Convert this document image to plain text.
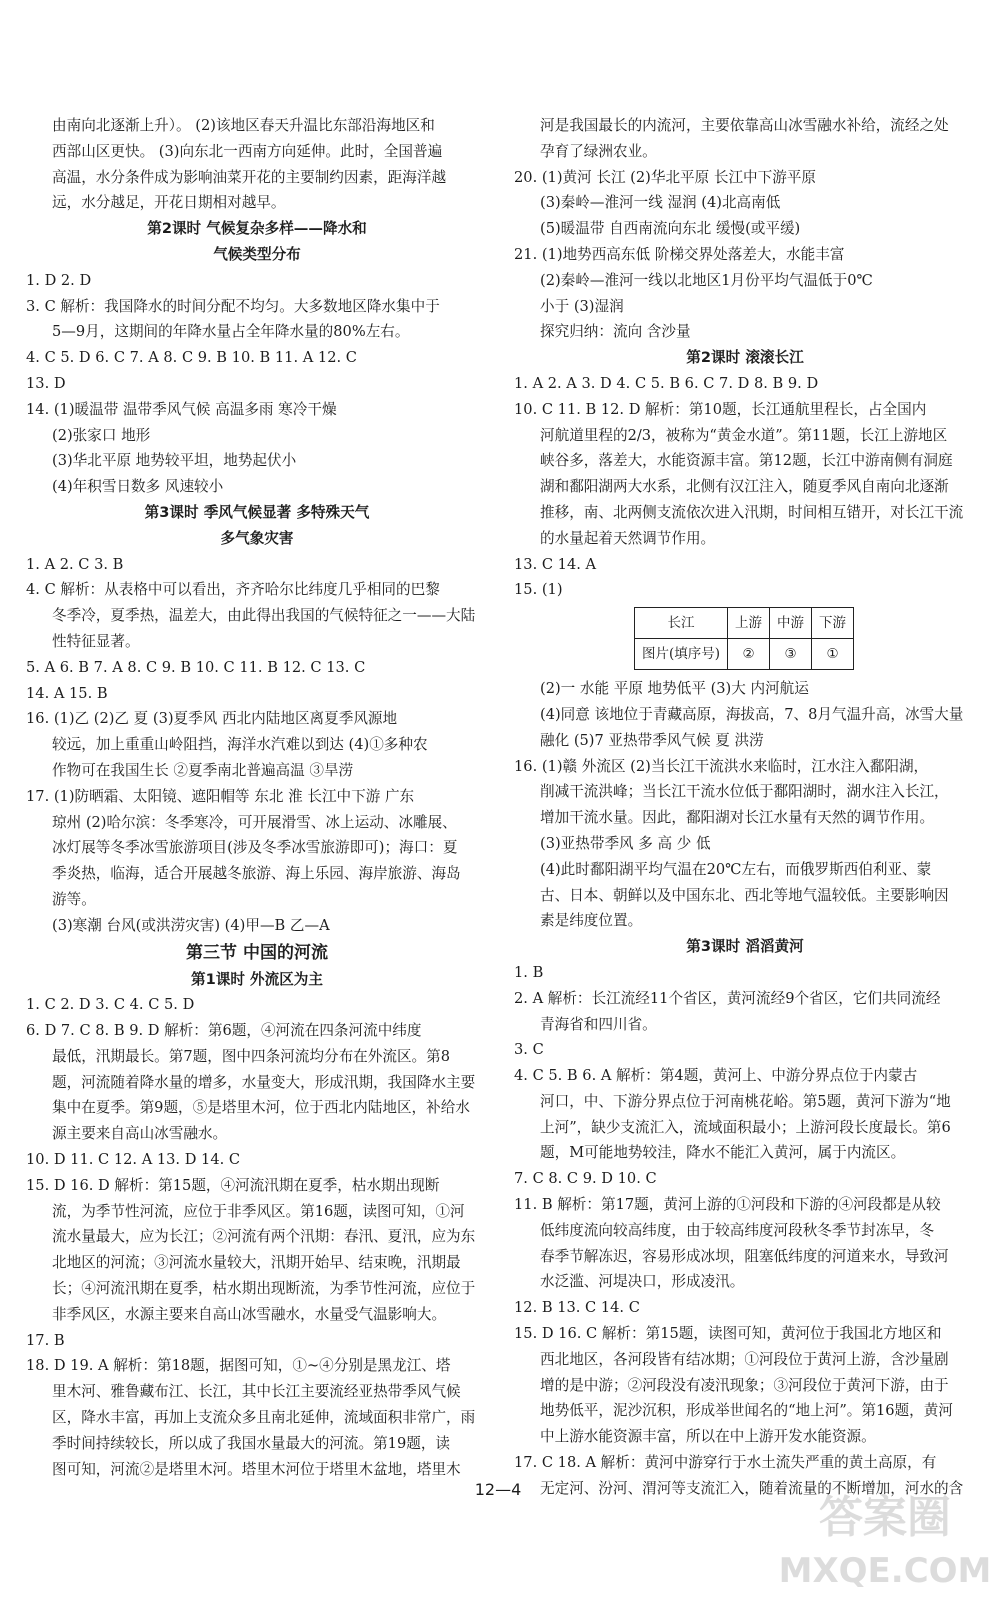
由南向北逐渐上升）。 (2)该地区春天升温比东部沿海地区和
西部山区更快。 (3)向东北一西南方向延伸。此时，全国普遍
高温，水分条件成为影响油菜开花的主要制约因素，距海洋越
远，水分越足，开花日期相对越早。
第2课时 气候复杂多样——降水和
气候类型分布
1. D 2. D
3. C 解析：我国降水的时间分配不均匀。大多数地区降水集中于
5—9月，这期间的年降水量占全年降水量的80%左右。
4. C 5. D 6. C 7. A 8. C 9. B 10. B 11. A 12. C
13. D
14. (1)暖温带 温带季风气候 高温多雨 寒冷干燥
(2)张家口 地形
(3)华北平原 地势较平坦，地势起伏小
(4)年积雪日数多 风速较小
第3课时 季风气候显著 多特殊天气
多气象灾害
1. A 2. C 3. B
4. C 解析：从表格中可以看出，齐齐哈尔比纬度几乎相同的巴黎
冬季冷，夏季热，温差大，由此得出我国的气候特征之一——大陆
性特征显著。
5. A 6. B 7. A 8. C 9. B 10. C 11. B 12. C 13. C
14. A 15. B
16. (1)乙 (2)乙 夏 (3)夏季风 西北内陆地区离夏季风源地
较远，加上重重山岭阻挡，海洋水汽难以到达 (4)①多种农
作物可在我国生长 ②夏季南北普遍高温 ③旱涝
17. (1)防晒霜、太阳镜、遮阳帽等 东北 淮 长江中下游 广东
琼州 (2)哈尔滨：冬季寒冷，可开展滑雪、冰上运动、冰雕展、
冰灯展等冬季冰雪旅游项目(涉及冬季冰雪旅游即可)；海口：夏
季炎热，临海，适合开展越冬旅游、海上乐园、海岸旅游、海岛
游等。
(3)寒潮 台风(或洪涝灾害) (4)甲—B 乙—A
第三节 中国的河流
第1课时 外流区为主
1. C 2. D 3. C 4. C 5. D
6. D 7. C 8. B 9. D 解析：第6题，④河流在四条河流中纬度
最低，汛期最长。第7题，图中四条河流均分布在外流区。第8
题，河流随着降水量的增多，水量变大，形成汛期，我国降水主要
集中在夏季。第9题，⑤是塔里木河，位于西北内陆地区，补给水
源主要来自高山冰雪融水。
10. D 11. C 12. A 13. D 14. C
15. D 16. D 解析：第15题，④河流汛期在夏季，枯水期出现断
流，为季节性河流，应位于非季风区。第16题，读图可知，①河
流水量最大，应为长江；②河流有两个汛期：春汛、夏汛，应为东
北地区的河流；③河流水量较大，汛期开始早、结束晚，汛期最
长；④河流汛期在夏季，枯水期出现断流，为季节性河流，应位于
非季风区，水源主要来自高山冰雪融水，水量受气温影响大。
17. B
18. D 19. A 解析：第18题，据图可知，①~④分别是黑龙江、塔
里木河、雅鲁藏布江、长江，其中长江主要流经亚热带季风气候
区，降水丰富，再加上支流众多且南北延伸，流域面积非常广，雨
季时间持续较长，所以成了我国水量最大的河流。第19题，读
图可知，河流②是塔里木河。塔里木河位于塔里木盆地，塔里木
河是我国最长的内流河，主要依靠高山冰雪融水补给，流经之处
孕育了绿洲农业。
20. (1)黄河 长江 (2)华北平原 长江中下游平原
(3)秦岭—淮河一线 湿润 (4)北高南低
(5)暖温带 自西南流向东北 缓慢(或平缓)
21. (1)地势西高东低 阶梯交界处落差大，水能丰富
(2)秦岭—淮河一线以北地区1月份平均气温低于0℃
小于 (3)湿润
探究归纳：流向 含沙量
第2课时 滚滚长江
1. A 2. A 3. D 4. C 5. B 6. C 7. D 8. B 9. D
10. C 11. B 12. D 解析：第10题，长江通航里程长，占全国内
河航道里程的2/3，被称为“黄金水道”。第11题，长江上游地区
峡谷多，落差大，水能资源丰富。第12题，长江中游南侧有洞庭
湖和鄱阳湖两大水系，北侧有汉江注入，随夏季风自南向北逐渐
推移，南、北两侧支流依次进入汛期，时间相互错开，对长江干流
的水量起着天然调节作用。
13. C 14. A
15. (1)
长江	上游	中游	下游
图片(填序号)	②	③	①
(2)一 水能 平原 地势低平 (3)大 内河航运
(4)同意 该地位于青藏高原，海拔高，7、8月气温升高，冰雪大量
融化 (5)7 亚热带季风气候 夏 洪涝
16. (1)赣 外流区 (2)当长江干流洪水来临时，江水注入鄱阳湖，
削减干流洪峰；当长江干流水位低于鄱阳湖时，湖水注入长江，
增加干流水量。因此，鄱阳湖对长江水量有天然的调节作用。
(3)亚热带季风 多 高 少 低
(4)此时鄱阳湖平均气温在20℃左右，而俄罗斯西伯利亚、蒙
古、日本、朝鲜以及中国东北、西北等地气温较低。主要影响因
素是纬度位置。
第3课时 滔滔黄河
1. B
2. A 解析：长江流经11个省区，黄河流经9个省区，它们共同流经
青海省和四川省。
3. C
4. C 5. B 6. A 解析：第4题，黄河上、中游分界点位于内蒙古
河口，中、下游分界点位于河南桃花峪。第5题，黄河下游为“地
上河”，缺少支流汇入，流域面积最小；上游河段长度最长。第6
题，M可能地势较洼，降水不能汇入黄河，属于内流区。
7. C 8. C 9. D 10. C
11. B 解析：第17题，黄河上游的①河段和下游的④河段都是从较
低纬度流向较高纬度，由于较高纬度河段秋冬季节封冻早，冬
春季节解冻迟，容易形成冰坝，阻塞低纬度的河道来水，导致河
水泛滥、河堤决口，形成凌汛。
12. B 13. C 14. C
15. D 16. C 解析：第15题，读图可知，黄河位于我国北方地区和
西北地区，各河段皆有结冰期；①河段位于黄河上游，含沙量剧
增的是中游；②河段没有凌汛现象；③河段位于黄河下游，由于
地势低平，泥沙沉积，形成举世闻名的“地上河”。第16题，黄河
中上游水能资源丰富，所以在中上游开发水能资源。
17. C 18. A 解析：黄河中游穿行于水土流失严重的黄土高原，有
无定河、汾河、渭河等支流汇入，随着流量的不断增加，河水的含
12—4
答案圈
MXQE.COM
